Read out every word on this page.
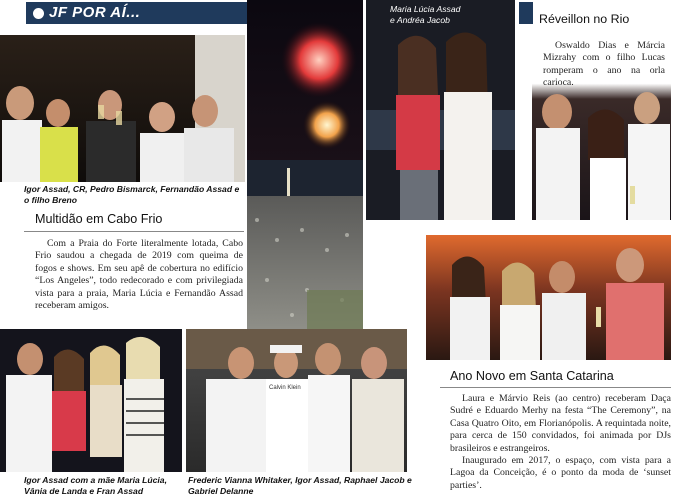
JF POR AÍ...
Igor Assad, CR, Pedro Bismarck, Fernandão Assad e o filho Breno
Multidão em Cabo Frio

Com a Praia do Forte literalmente lotada, Cabo Frio saudou a chegada de 2019 com queima de fogos e shows. Em seu apê de cobertura no edifício “Los Angeles”, todo redecorado e com privilegiada vista para a praia, Maria Lúcia e Fernandão Assad receberam amigos.

Maria Lúcia Assad
e Andréa Jacob	Réveillon no Rio

Oswaldo Dias e Márcia Mizrahy com o filho Lucas romperam o ano na orla carioca.

Ano Novo em Santa Catarina

Laura e Márvio Reis (ao centro) receberam Daça Sudré e Eduardo Merhy na festa “The Ceremony”, na Casa Quatro Oito, em Florianópolis. A requintada noite, para cerca de 150 convidados, foi animada por DJs brasileiros e estrangeiros.

Inaugurado em 2017, o espaço, com vista para a Lagoa da Conceição, é o ponto da moda de ‘sunset parties’.

Igor Assad com a mãe Maria Lúcia, Vânia de Landa e Fran Assad
Calvin Klein
Frederic Vianna Whitaker, Igor Assad, Raphael Jacob e Gabriel Delanne
